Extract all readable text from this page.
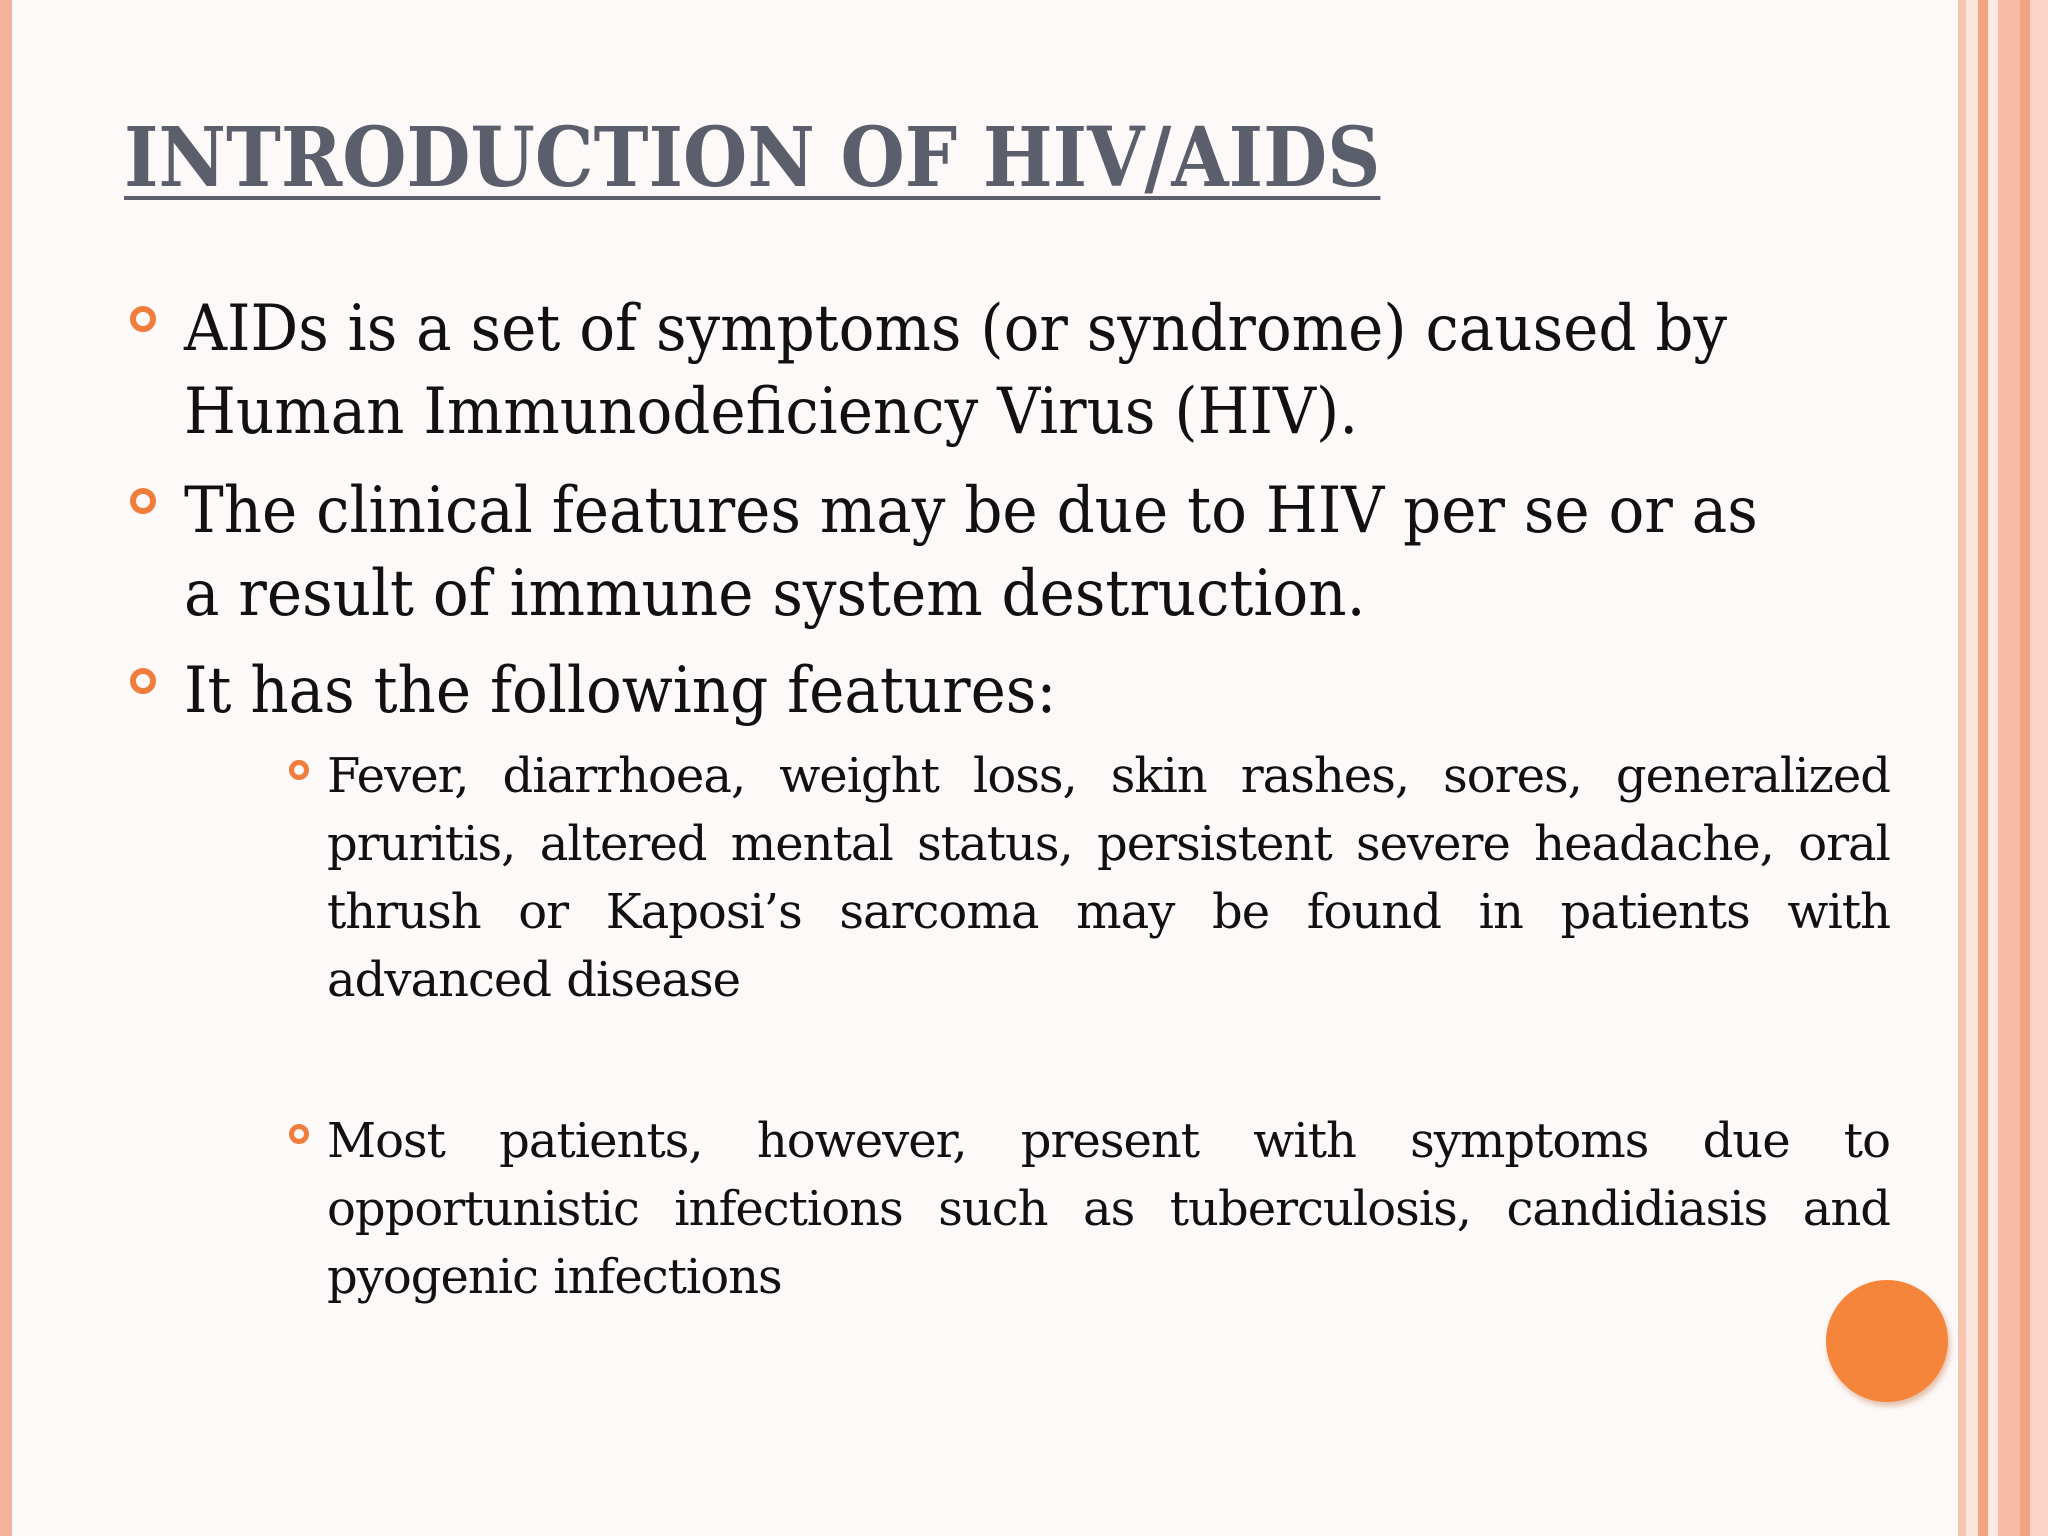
INTRODUCTION OF HIV/AIDS
AIDs is a set of symptoms (or syndrome) caused by Human Immunodeficiency Virus (HIV).
The clinical features may be due to HIV per se or as a result of immune system destruction.
It has the following features:
Fever, diarrhoea, weight loss, skin rashes, sores, generalized pruritis, altered mental status, persistent severe headache, oral thrush or Kaposi’s sarcoma may be found in patients with advanced disease
Most patients, however, present with symptoms due to opportunistic infections such as tuberculosis, candidiasis and pyogenic infections
